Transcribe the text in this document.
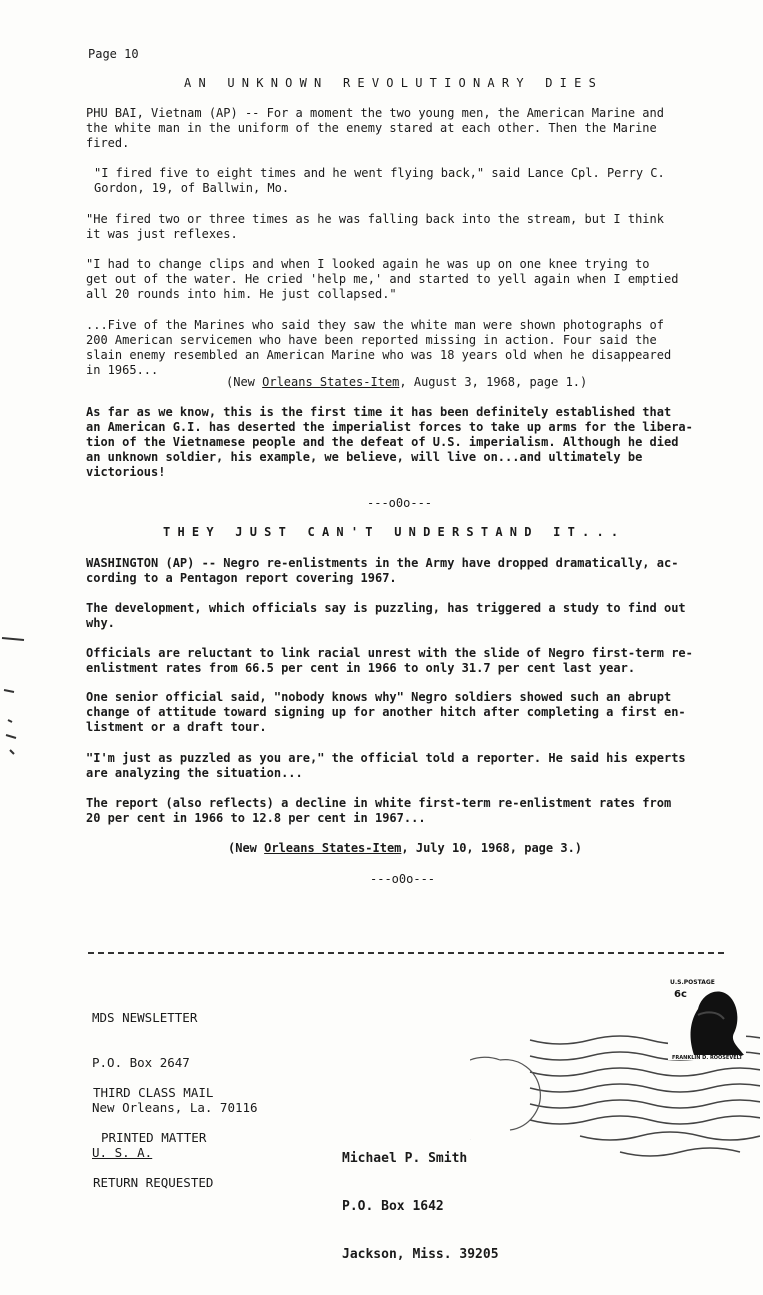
Page 10
A N   U N K N O W N   R E V O L U T I O N A R Y   D I E S
PHU BAI, Vietnam (AP) -- For a moment the two young men, the American Marine and
the white man in the uniform of the enemy stared at each other. Then the Marine
fired.
"I fired five to eight times and he went flying back," said Lance Cpl. Perry C.
Gordon, 19, of Ballwin, Mo.
"He fired two or three times as he was falling back into the stream, but I think
it was just reflexes.
"I had to change clips and when I looked again he was up on one knee trying to
get out of the water. He cried 'help me,' and started to yell again when I emptied
all 20 rounds into him. He just collapsed."
...Five of the Marines who said they saw the white man were shown photographs of
200 American servicemen who have been reported missing in action. Four said the
slain enemy resembled an American Marine who was 18 years old when he disappeared
in 1965...
(New Orleans States-Item, August 3, 1968, page 1.)
As far as we know, this is the first time it has been definitely established that
an American G.I. has deserted the imperialist forces to take up arms for the libera-
tion of the Vietnamese people and the defeat of U.S. imperialism. Although he died
an unknown soldier, his example, we believe, will live on...and ultimately be
victorious!
---o0o---
T H E Y   J U S T   C A N ' T   U N D E R S T A N D   I T . . .
WASHINGTON (AP) -- Negro re-enlistments in the Army have dropped dramatically, ac-
cording to a Pentagon report covering 1967.
The development, which officials say is puzzling, has triggered a study to find out
why.
Officials are reluctant to link racial unrest with the slide of Negro first-term re-
enlistment rates from 66.5 per cent in 1966 to only 31.7 per cent last year.
One senior official said, "nobody knows why" Negro soldiers showed such an abrupt
change of attitude toward signing up for another hitch after completing a first en-
listment or a draft tour.
"I'm just as puzzled as you are," the official told a reporter. He said his experts
are analyzing the situation...
The report (also reflects) a decline in white first-term re-enlistment rates from
20 per cent in 1966 to 12.8 per cent in 1967...
(New Orleans States-Item, July 10, 1968, page 3.)
---o0o---

MDS NEWSLETTER

P.O. Box 2647

New Orleans, La. 70116

U. S. A.

THIRD CLASS MAIL

PRINTED MATTER

RETURN REQUESTED

U.S.POSTAGE
6c
FRANKLIN D. ROOSEVELT

Michael P. Smith

P.O. Box 1642

Jackson, Miss. 39205
